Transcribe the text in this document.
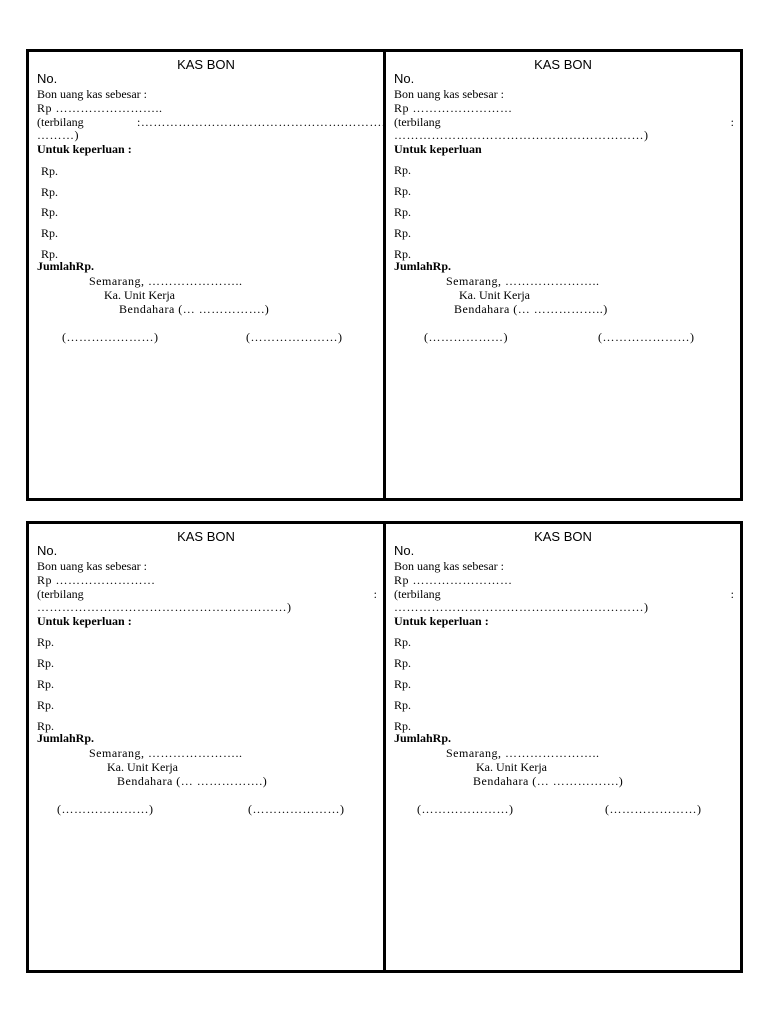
KAS BON
No.
Bon uang kas sebesar :
Rp ……………………..
(terbilang	:………………………………………….……….
………)
Untuk keperluan :
Rp.
Rp.
Rp.
Rp.
Rp.
JumlahRp.
Semarang, …………………..
Ka. Unit Kerja
Bendahara (… …………….)
(…………………)	(…………………)
KAS BON
No.
Bon uang kas sebesar :
Rp ……………………
(terbilang	:
……………………………………………………)
Untuk keperluan
Rp.
Rp.
Rp.
Rp.
Rp.
JumlahRp.
Semarang, …………………..
Ka. Unit Kerja
Bendahara (… ……………..)
(………………)	(…………………)
KAS BON
No.
Bon uang kas sebesar :
Rp ……………………
(terbilang	:
……………………………………………………)
Untuk keperluan :
Rp.
Rp.
Rp.
Rp.
Rp.
JumlahRp.
Semarang, …………………..
Ka. Unit Kerja
Bendahara (… …………….)
(…………………)	(…………………)
KAS BON
No.
Bon uang kas sebesar :
Rp ……………………
(terbilang	:
……………………………………………………)
Untuk keperluan :
Rp.
Rp.
Rp.
Rp.
Rp.
JumlahRp.
Semarang, …………………..
Ka. Unit Kerja
Bendahara (… …………….)
(…………………)	(…………………)
